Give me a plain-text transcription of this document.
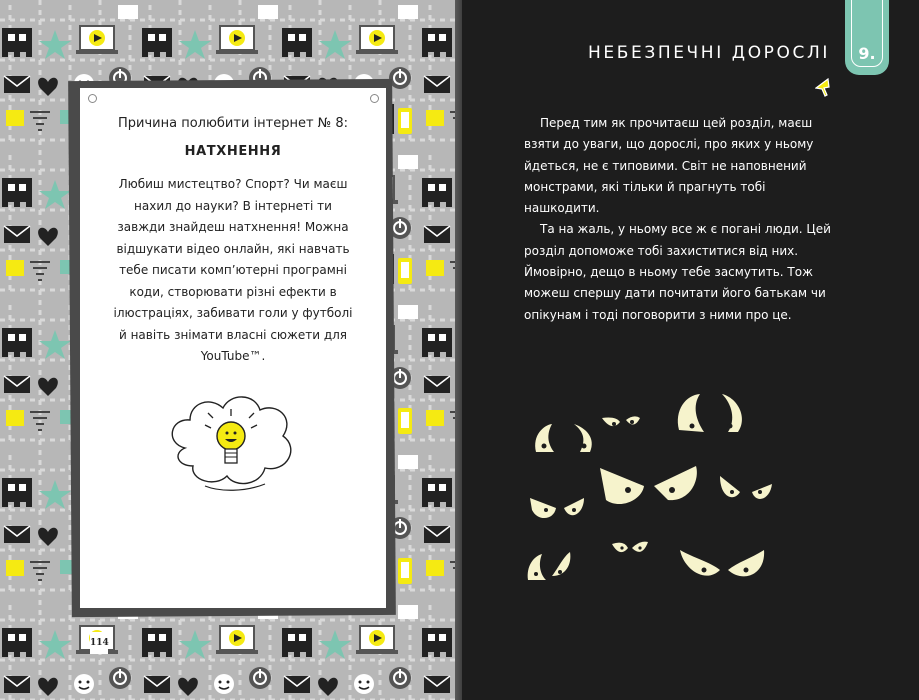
Причина полюбити інтернет № 8:
НАТХНЕННЯ
Любиш мистецтво? Спорт? Чи маєш нахил до науки? В інтернеті ти завжди знайдеш натхнення! Можна відшукати відео онлайн, які навчать тебе писати комп’ютерні програмні коди, створювати різні ефекти в ілюстраціях, забивати голи у футболі й навіть знімати власні сюжети для YouTube™.
114
НЕБЕЗПЕЧНІ ДОРОСЛІ	9.

Перед тим як прочитаєш цей розділ, маєш взяти до уваги, що дорослі, про яких у ньому йдеться, не є типовими. Світ не наповнений монстрами, які тільки й прагнуть тобі нашкодити.

Та на жаль, у ньому все ж є погані люди. Цей розділ допоможе тобі захиститися від них. Ймовірно, дещо в ньому тебе засмутить. Тож можеш спершу дати почитати його батькам чи опікунам і тоді поговорити з ними про це.
